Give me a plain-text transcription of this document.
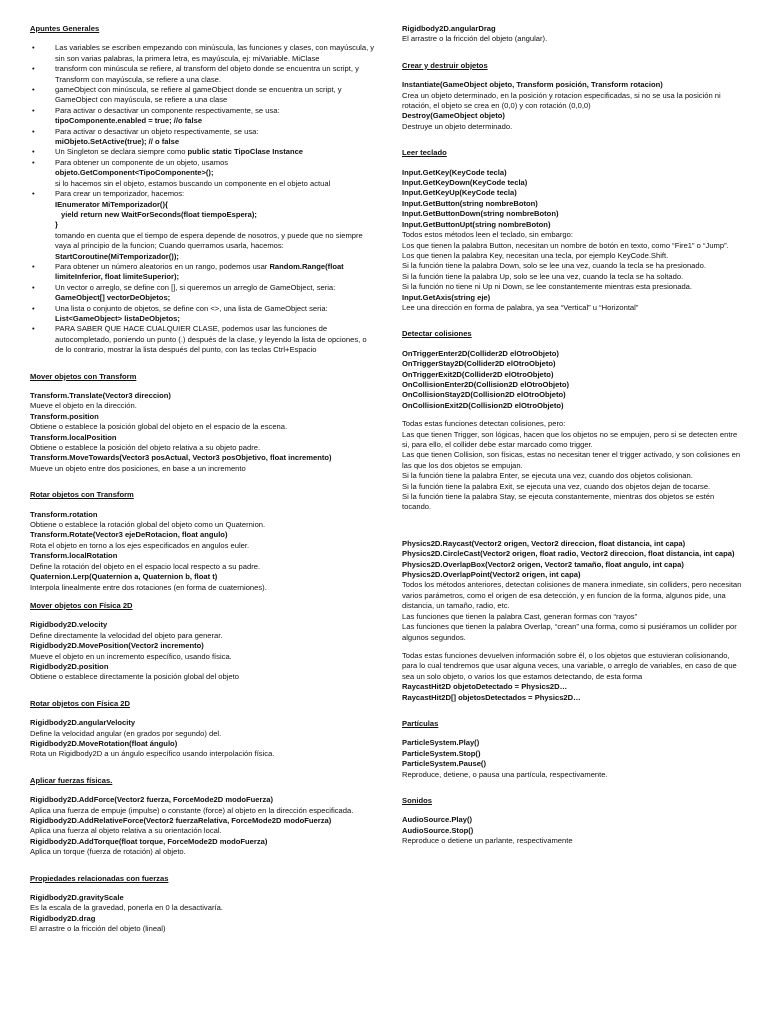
Apuntes Generales
• Las variables se escriben empezando con minúscula, las funciones y clases, con mayúscula, y sin son varias palabras, la primera letra, es mayúscula, ej: miVariable. MiClase
• transform con minúscula se refiere, al transform del objeto donde se encuentra un script, y Transform con mayúscula, se refiere a una clase.
• gameObject con minúscula, se refiere al gameObject donde se encuentra un script, y GameObject con mayúscula, se refiere a una clase
• Para activar o desactivar un componente respectivamente, se usa:
tipoComponente.enabled = true; //o false
• Para activar o desactivar un objeto respectivamente, se usa:
miObjeto.SetActive(true); // o false
• Un Singleton se declara siempre como public static TipoClase Instance
• Para obtener un componente de un objeto, usamos
objeto.GetComponent<TipoComponente>();
si lo hacemos sin el objeto, estamos buscando un componente en el objeto actual
• Para crear un temporizador, hacemos:
IEnumerator MiTemporizador(){
yield return new WaitForSeconds(float tiempoEspera);
}
tomando en cuenta que el tiempo de espera depende de nosotros, y puede que no siempre vaya al principio de la funcion; Cuando querramos usarla, hacemos:
StartCoroutine(MiTemporizador());
• Para obtener un número aleatorios en un rango, podemos usar Random.Range(float limiteInferior, float limiteSuperior);
• Un vector o arreglo, se define con [], si queremos un arreglo de GameObject, seria:
GameObject[] vectorDeObjetos;
• Una lista o conjunto de objetos, se define con <>, una lista de GameObject seria:
List<GameObject> listaDeObjetos;
• PARA SABER QUE HACE CUALQUIER CLASE, podemos usar las funciones de autocompletado, poniendo un punto (.) después de la clase, y leyendo la lista de opciones, o de lo contrario, mostrar la lista después del punto, con las teclas Ctrl+Espacio
Mover objetos con Transform
Transform.Translate(Vector3 direccion)
Mueve el objeto en la dirección.
Transform.position
Obtiene o establece la posición global del objeto en el espacio de la escena.
Transform.localPosition
Obtiene o establece la posición del objeto relativa a su objeto padre.
Transform.MoveTowards(Vector3 posActual, Vector3 posObjetivo, float incremento)
Mueve un objeto entre dos posiciones, en base a un incremento
Rotar objetos con Transform
Transform.rotation
Obtiene o establece la rotación global del objeto como un Quaternion.
Transform.Rotate(Vector3 ejeDeRotacion, float angulo)
Rota el objeto en torno a los ejes especificados en angulos euler.
Transform.localRotation
Define la rotación del objeto en el espacio local respecto a su padre.
Quaternion.Lerp(Quaternion a, Quaternion b, float t)
Interpola linealmente entre dos rotaciones (en forma de cuaterniones).
Mover objetos con Física 2D
Rigidbody2D.velocity
Define directamente la velocidad del objeto para generar.
Rigidbody2D.MovePosition(Vector2 incremento)
Mueve el objeto en un incremento específico, usando física.
Rigidbody2D.position
Obtiene o establece directamente la posición global del objeto
Rotar objetos con Física 2D
Rigidbody2D.angularVelocity
Define la velocidad angular (en grados por segundo) del.
Rigidbody2D.MoveRotation(float ángulo)
Rota un Rigidbody2D a un ángulo específico usando interpolación física.
Aplicar fuerzas físicas.
Rigidbody2D.AddForce(Vector2 fuerza, ForceMode2D modoFuerza)
Aplica una fuerza de empuje (impulse) o constante (force) al objeto en la dirección especificada.
Rigidbody2D.AddRelativeForce(Vector2 fuerzaRelativa, ForceMode2D modoFuerza)
Aplica una fuerza al objeto relativa a su orientación local.
Rigidbody2D.AddTorque(float torque, ForceMode2D modoFuerza)
Aplica un torque (fuerza de rotación) al objeto.
Propiedades relacionadas con fuerzas
Rigidbody2D.gravityScale
Es la escala de la gravedad, ponerla en 0 la desactivaría.
Rigidbody2D.drag
El arrastre o la fricción del objeto (lineal)
Rigidbody2D.angularDrag
El arrastre o la fricción del objeto (angular).
Crear y destruir objetos
Instantiate(GameObject objeto, Transform posición, Transform rotacion)
Crea un objeto determinado, en la posición y rotacion especificadas, si no se usa la posición ni rotación, el objeto se crea en (0,0) y con rotación (0,0,0)
Destroy(GameObject objeto)
Destruye un objeto determinado.
Leer teclado
Input.GetKey(KeyCode tecla)
Input.GetKeyDown(KeyCode tecla)
Input.GetKeyUp(KeyCode tecla)
Input.GetButton(string nombreBoton)
Input.GetButtonDown(string nombreBoton)
Input.GetButtonUpt(string nombreBoton)
Todos estos métodos leen el teclado, sin embargo:
Los que tienen la palabra Button, necesitan un nombre de botón en texto, como “Fire1” o “Jump”.
Los que tienen la palabra Key, necesitan una tecla, por ejemplo KeyCode.Shift.
Si la función tiene la palabra Down, solo se lee una vez, cuando la tecla se ha presionado.
Si la función tiene la palabra Up, solo se lee una vez, cuando la tecla se ha soltado.
Si la función no tiene ni Up ni Down, se lee constantemente mientras esta presionada.
Input.GetAxis(string eje)
Lee una dirección en forma de palabra, ya sea “Vertical” u “Horizontal”
Detectar colisiones
OnTriggerEnter2D(Collider2D elOtroObjeto)
OnTriggerStay2D(Collider2D elOtroObjeto)
OnTriggerExit2D(Collider2D elOtroObjeto)
OnCollisionEnter2D(Collision2D elOtroObjeto)
OnCollisionStay2D(Collision2D elOtroObjeto)
OnCollisionExit2D(Collision2D elOtroObjeto)
Todas estas funciones detectan colisiones, pero:
Las que tienen Trigger, son lógicas, hacen que los objetos no se empujen, pero si se detecten entre si, para ello, el collider debe estar marcado como trigger.
Las que tienen Collision, son físicas, estas no necesitan tener el trigger activado, y son colisiones en las que los dos objetos se empujan.
Si la función tiene la palabra Enter, se ejecuta una vez, cuando dos objetos colisionan.
Si la función tiene la palabra Exit, se ejecuta una vez, cuando dos objetos dejan de tocarse.
Si la función tiene la palabra Stay, se ejecuta constantemente, mientras dos objetos se estén tocando.
Physics2D.Raycast(Vector2 origen, Vector2 direccion, float distancia, int capa)
Physics2D.CircleCast(Vector2 origen, float radio, Vector2 direccion, float distancia, int capa)
Physics2D.OverlapBox(Vector2 origen, Vector2 tamaño, float angulo, int capa)
Physics2D.OverlapPoint(Vector2 origen, int capa)
Todos los métodos anteriores, detectan colisiones de manera inmediate, sin colliders, pero necesitan varios parámetros, como el origen de esa detección, y en funcion de la forma, algunos pide, una distancia, un tamaño, radio, etc.
Las funciones que tienen la palabra Cast, generan formas con “rayos”
Las funciones que tienen la palabra Overlap, “crean” una forma, como si pusiéramos un collider por algunos segundos.
Todas estas funciones devuelven información sobre él, o los objetos que estuvieran colisionando, para lo cual tendremos que usar alguna veces, una variable, o arreglo de variables, en caso de que sea un solo objeto, o varios los que estamos detectando, de esta forma
RaycastHit2D objetoDetectado = Physics2D…
RaycastHit2D[] objetosDetectados = Physics2D…
Partículas
ParticleSystem.Play()
ParticleSystem.Stop()
ParticleSystem.Pause()
Reproduce, detiene, o pausa una partícula, respectivamente.
Sonidos
AudioSource.Play()
AudioSource.Stop()
Reproduce o detiene un parlante, respectivamente
